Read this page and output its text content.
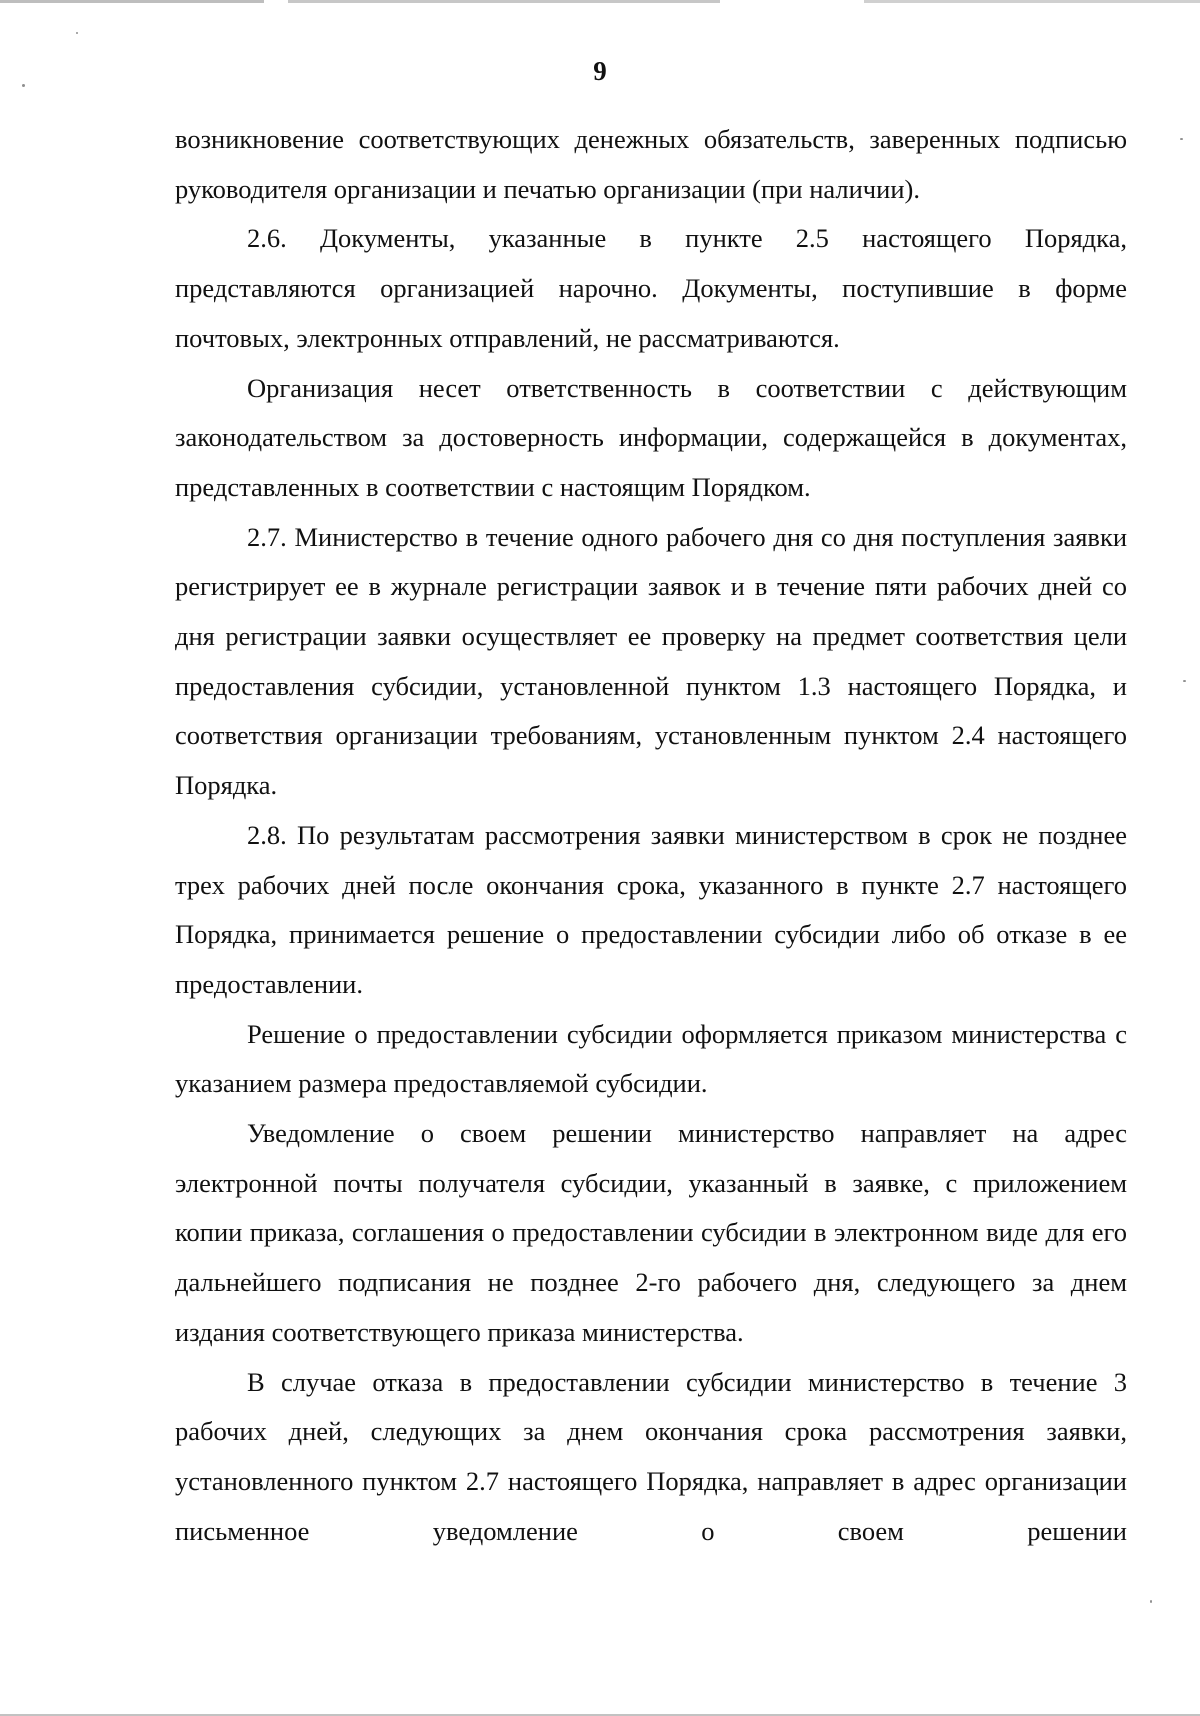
9

возникновение соответствующих денежных обязательств, заверенных подписью руководителя организации и печатью организации (при наличии).

2.6. Документы, указанные в пункте 2.5 настоящего Порядка, представляются организацией нарочно. Документы, поступившие в форме почтовых, электронных отправлений, не рассматриваются.

Организация несет ответственность в соответствии с действующим законодательством за достоверность информации, содержащейся в документах, представленных в соответствии с настоящим Порядком.

2.7. Министерство в течение одного рабочего дня со дня поступления заявки регистрирует ее в журнале регистрации заявок и в течение пяти рабочих дней со дня регистрации заявки осуществляет ее проверку на предмет соответствия цели предоставления субсидии, установленной пунктом 1.3 настоящего Порядка, и соответствия организации требованиям, установленным пунктом 2.4 настоящего Порядка.

2.8. По результатам рассмотрения заявки министерством в срок не позднее трех рабочих дней после окончания срока, указанного в пункте 2.7 настоящего Порядка, принимается решение о предоставлении субсидии либо об отказе в ее предоставлении.

Решение о предоставлении субсидии оформляется приказом министерства с указанием размера предоставляемой субсидии.

Уведомление о своем решении министерство направляет на адрес электронной почты получателя субсидии, указанный в заявке, с приложением копии приказа, соглашения о предоставлении субсидии в электронном виде для его дальнейшего подписания не позднее 2-го рабочего дня, следующего за днем издания соответствующего приказа министерства.

В случае отказа в предоставлении субсидии министерство в течение 3 рабочих дней, следующих за днем окончания срока рассмотрения заявки, установленного пунктом 2.7 настоящего Порядка, направляет в адрес организации письменное уведомление о своем решении
